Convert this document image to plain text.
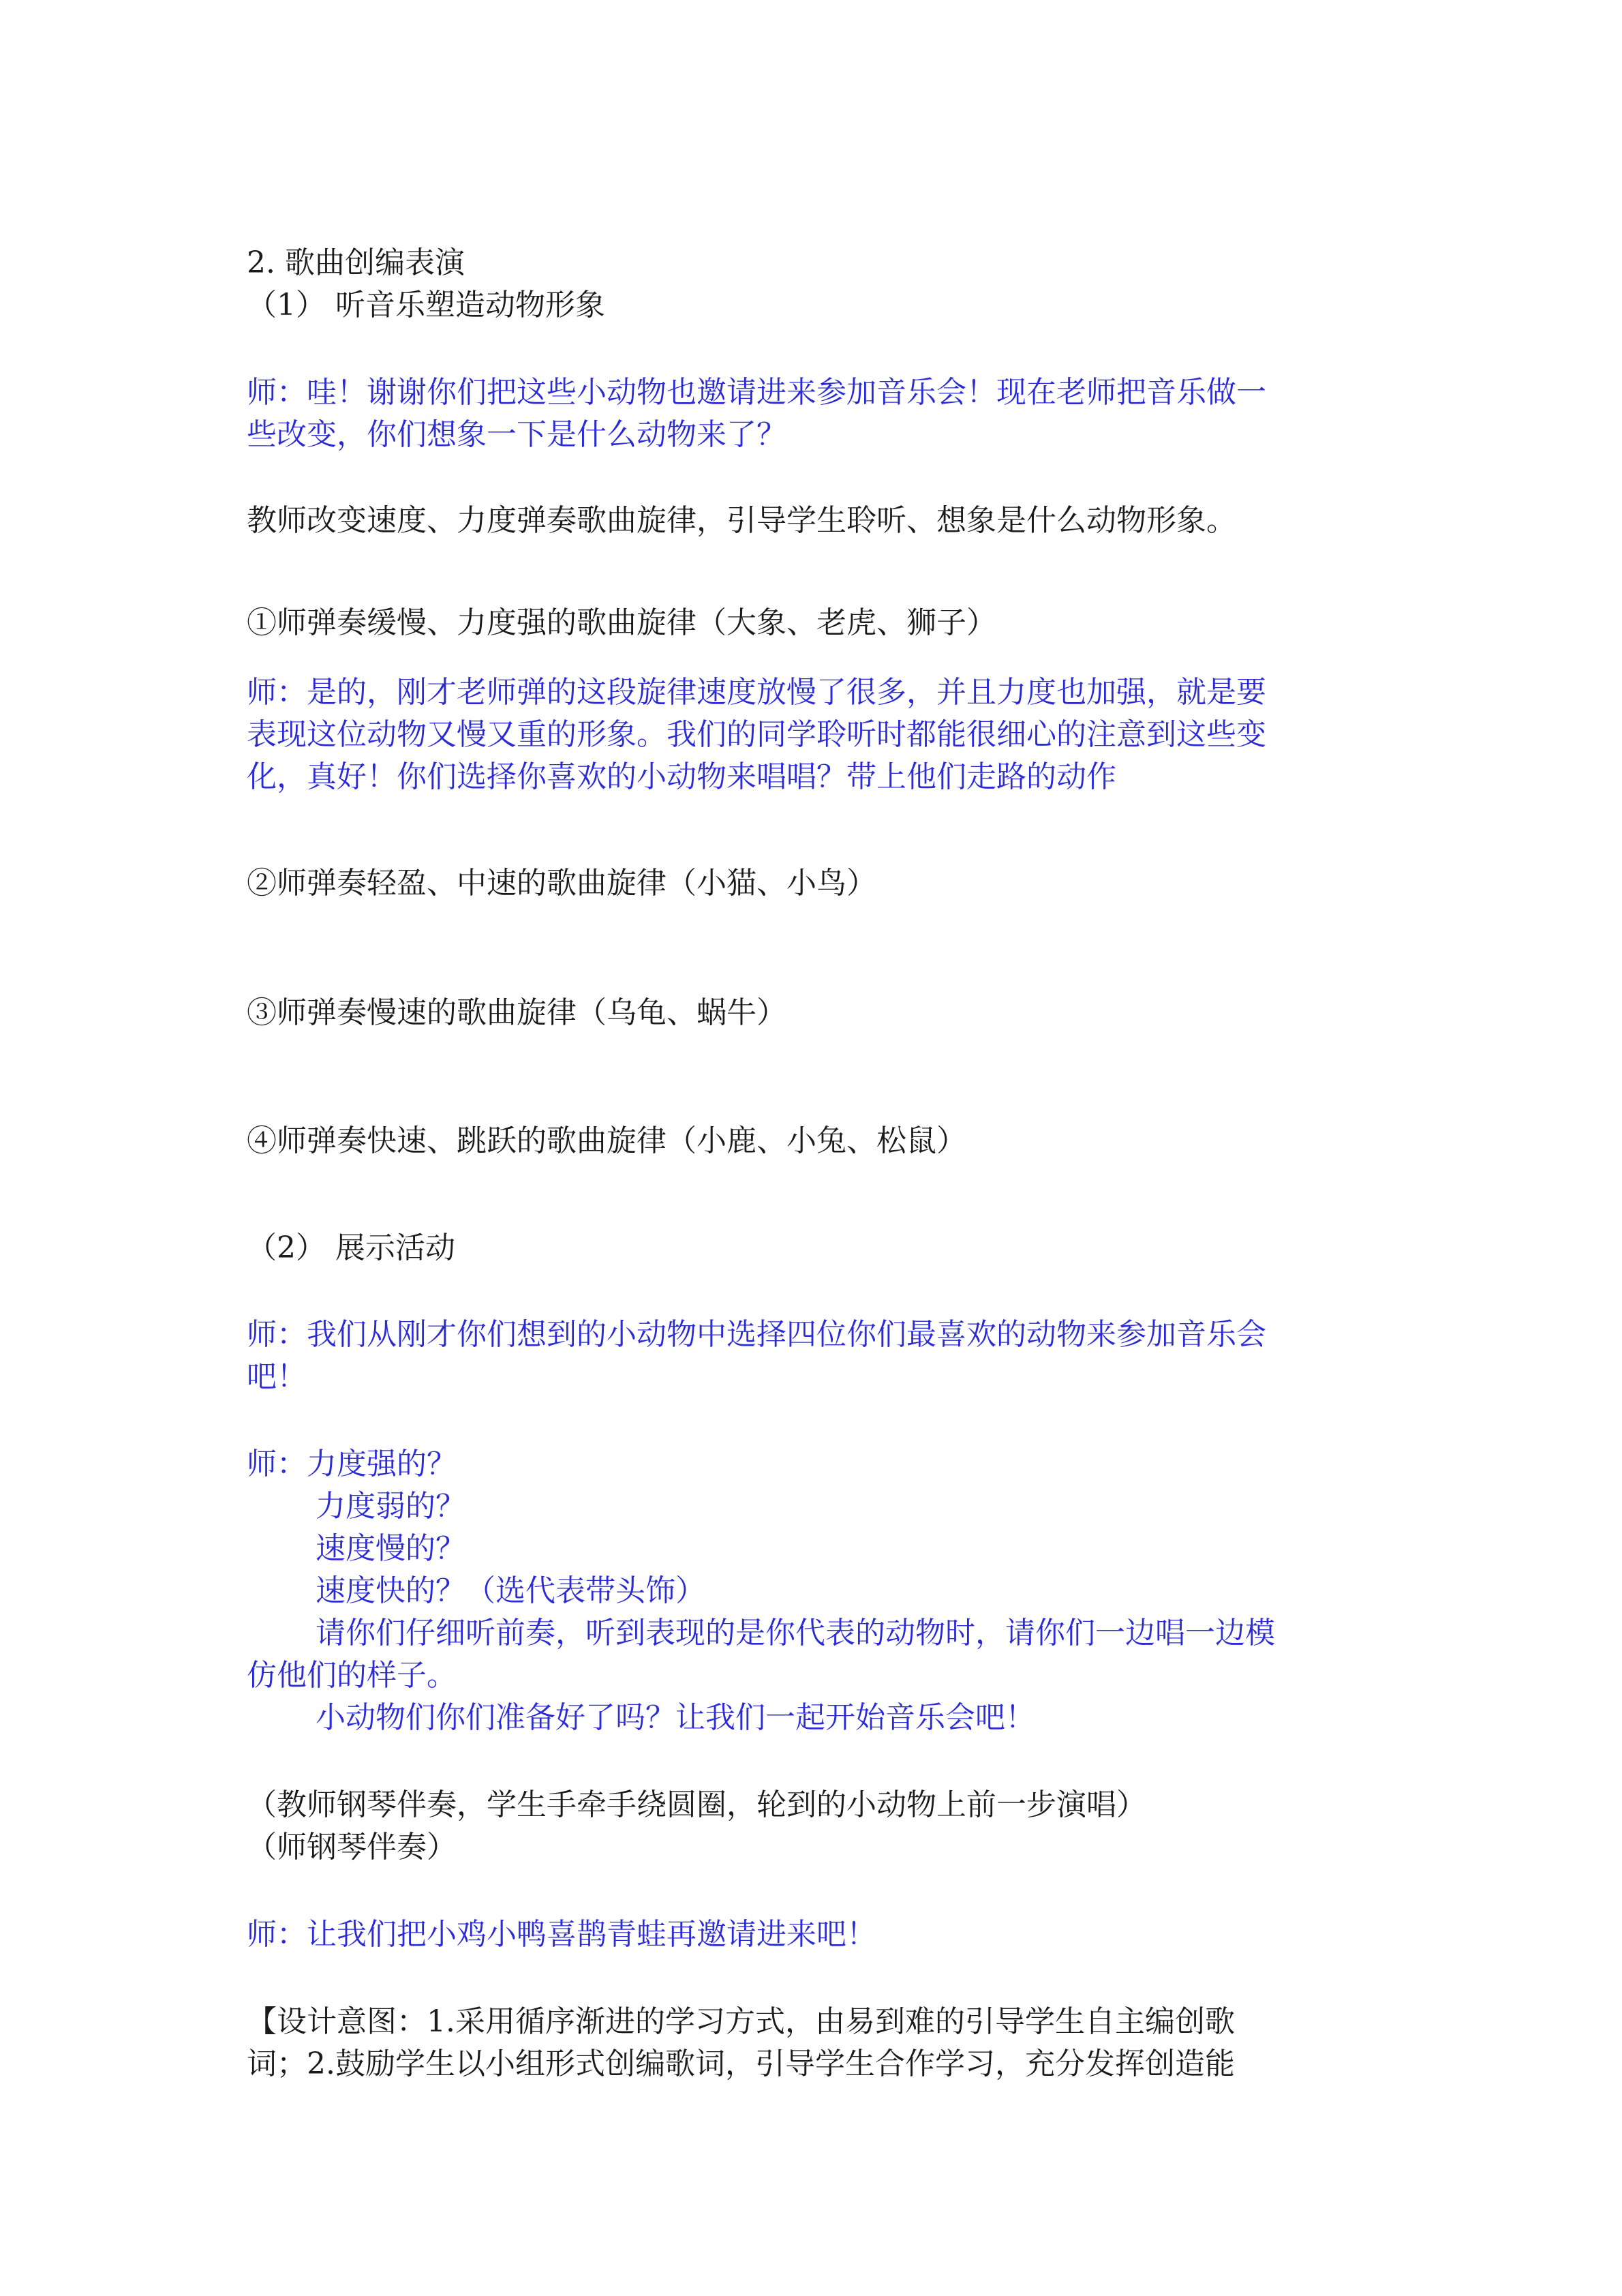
2. 歌曲创编表演

（1） 听音乐塑造动物形象

师：哇！谢谢你们把这些小动物也邀请进来参加音乐会！现在老师把音乐做一

些改变，你们想象一下是什么动物来了？

教师改变速度、力度弹奏歌曲旋律，引导学生聆听、想象是什么动物形象。

①师弹奏缓慢、力度强的歌曲旋律（大象、老虎、狮子）

师：是的，刚才老师弹的这段旋律速度放慢了很多，并且力度也加强，就是要

表现这位动物又慢又重的形象。我们的同学聆听时都能很细心的注意到这些变

化，真好！你们选择你喜欢的小动物来唱唱？带上他们走路的动作

②师弹奏轻盈、中速的歌曲旋律（小猫、小鸟）

③师弹奏慢速的歌曲旋律（乌龟、蜗牛）

④师弹奏快速、跳跃的歌曲旋律（小鹿、小兔、松鼠）

（2） 展示活动

师：我们从刚才你们想到的小动物中选择四位你们最喜欢的动物来参加音乐会

吧！

师：力度强的？

力度弱的？

速度慢的？

速度快的？（选代表带头饰）

请你们仔细听前奏，听到表现的是你代表的动物时，请你们一边唱一边模

仿他们的样子。

小动物们你们准备好了吗？让我们一起开始音乐会吧！

（教师钢琴伴奏，学生手牵手绕圆圈，轮到的小动物上前一步演唱）

（师钢琴伴奏）

师：让我们把小鸡小鸭喜鹊青蛙再邀请进来吧！

【设计意图：1.采用循序渐进的学习方式，由易到难的引导学生自主编创歌

词；2.鼓励学生以小组形式创编歌词，引导学生合作学习，充分发挥创造能
